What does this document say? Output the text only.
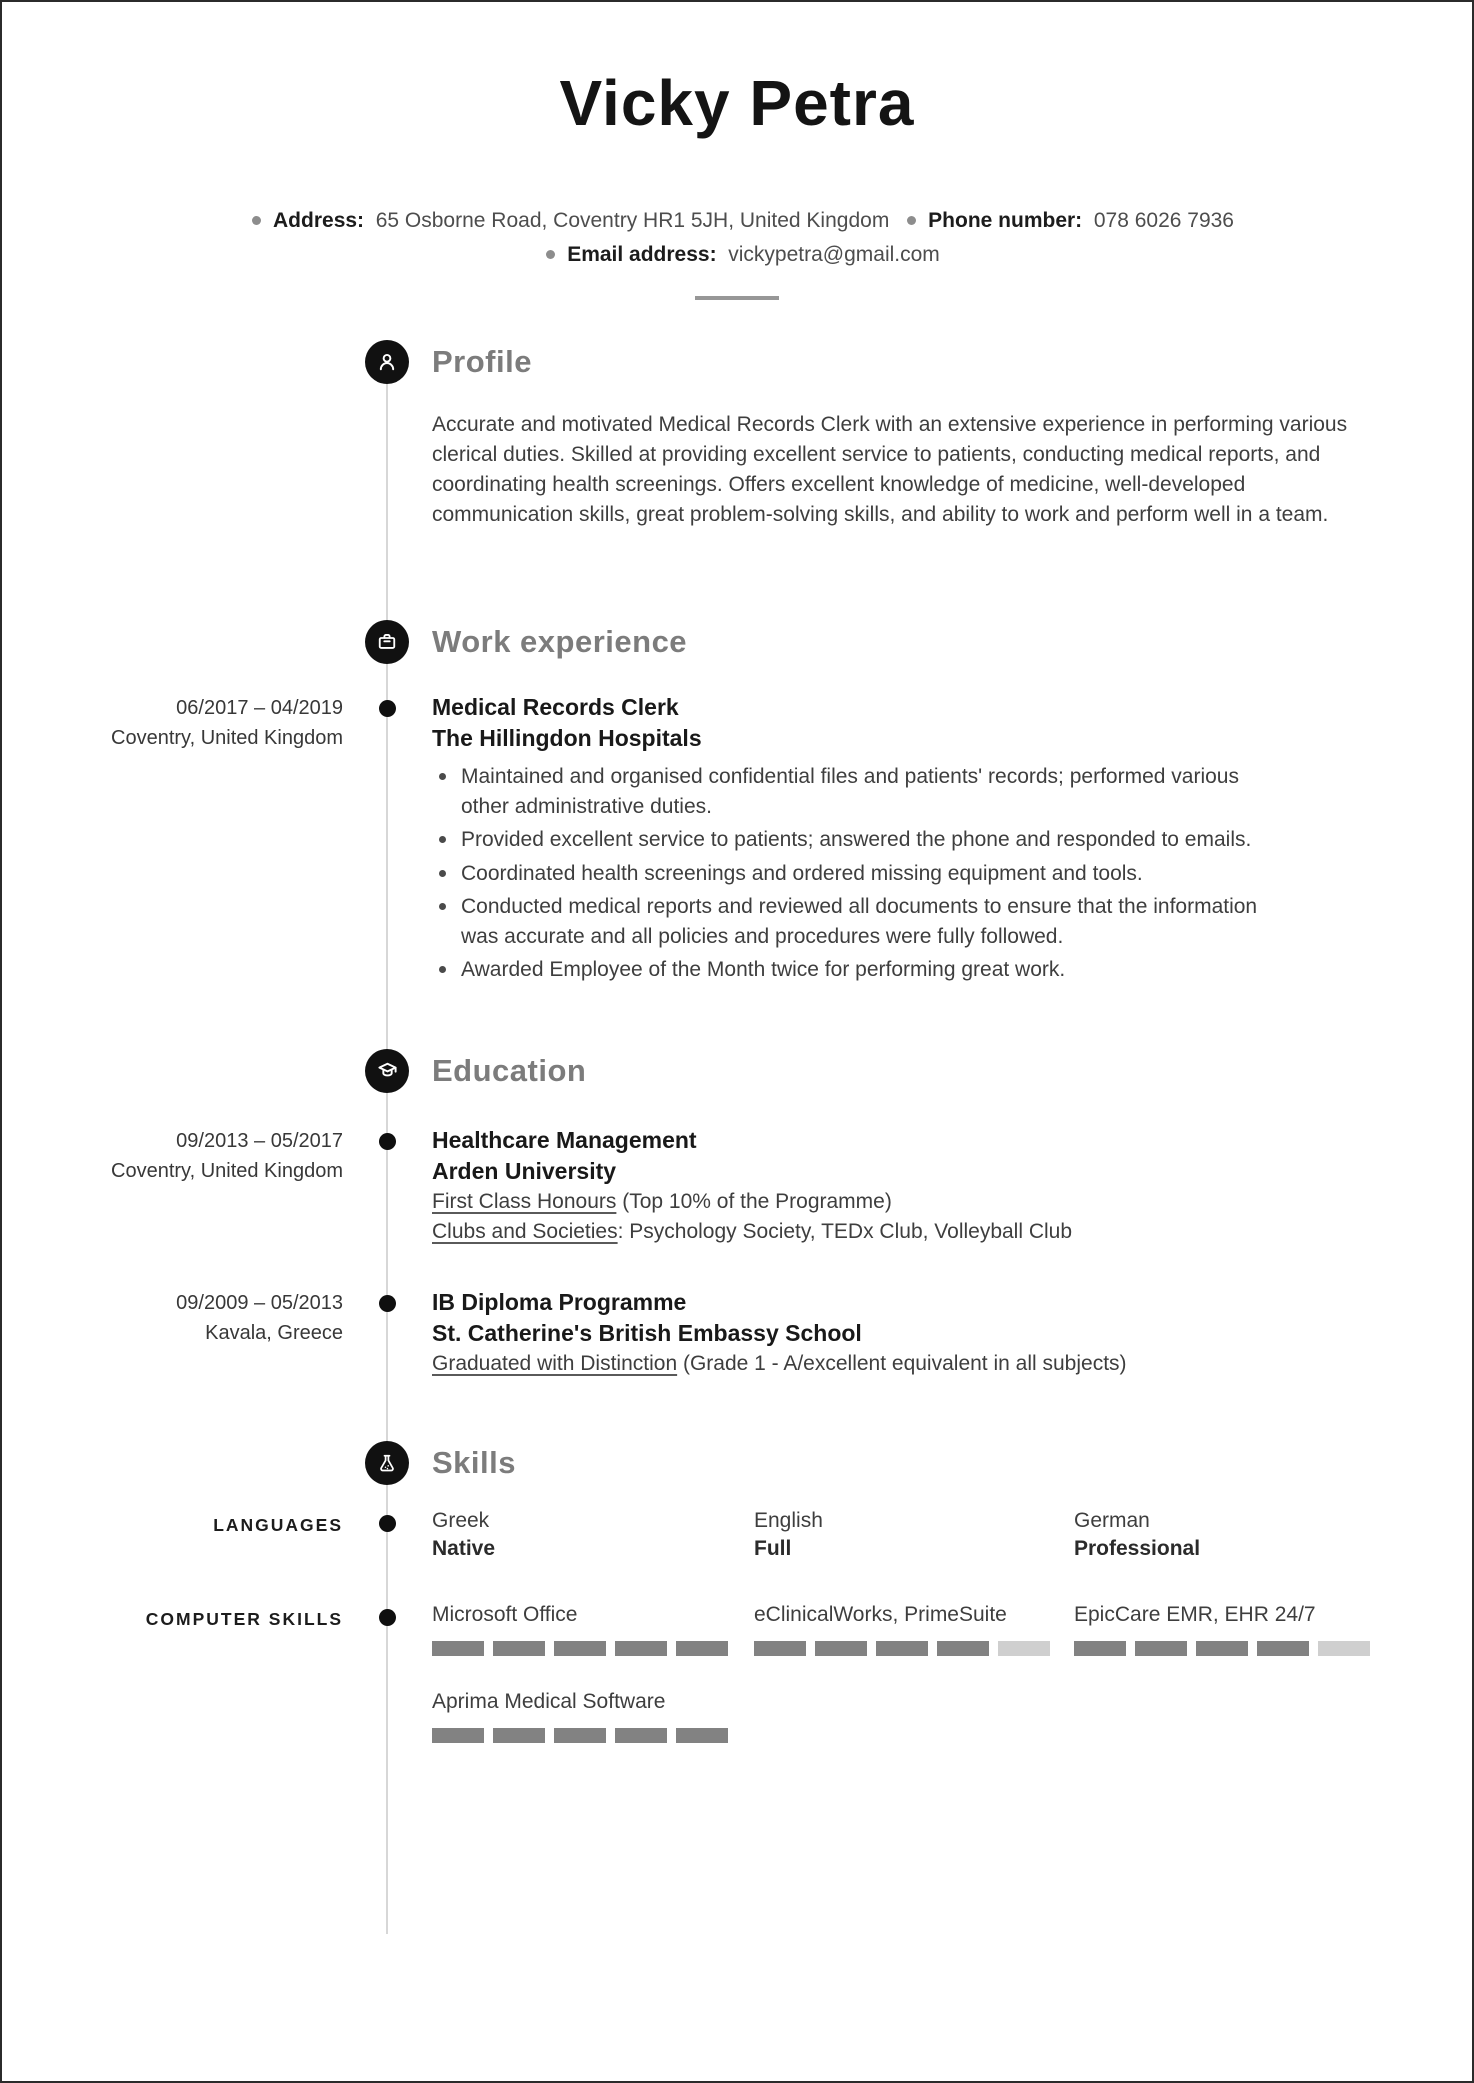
Vicky Petra
Address: 65 Osborne Road, Coventry HR1 5JH, United Kingdom Phone number: 078 6026 7936
Email address: vickypetra@gmail.com
Profile

Accurate and motivated Medical Records Clerk with an extensive experience in performing various clerical duties. Skilled at providing excellent service to patients, conducting medical reports, and coordinating health screenings. Offers excellent knowledge of medicine, well-developed communication skills, great problem-solving skills, and ability to work and perform well in a team.

Work experience
06/2017 – 04/2019
Coventry, United Kingdom
Medical Records Clerk
The Hillingdon Hospitals
Maintained and organised confidential files and patients' records; performed various other administrative duties.
Provided excellent service to patients; answered the phone and responded to emails.
Coordinated health screenings and ordered missing equipment and tools.
Conducted medical reports and reviewed all documents to ensure that the information was accurate and all policies and procedures were fully followed.
Awarded Employee of the Month twice for performing great work.
Education
09/2013 – 05/2017
Coventry, United Kingdom
Healthcare Management
Arden University
First Class Honours (Top 10% of the Programme)
Clubs and Societies: Psychology Society, TEDx Club, Volleyball Club
09/2009 – 05/2013
Kavala, Greece
IB Diploma Programme
St. Catherine's British Embassy School
Graduated with Distinction (Grade 1 - A/excellent equivalent in all subjects)
Skills
LANGUAGES	Greek
Native
English
Full
German
Professional
COMPUTER SKILLS	Microsoft Office	eClinicalWorks, PrimeSuite	EpicCare EMR, EHR 24/7
Aprima Medical Software
